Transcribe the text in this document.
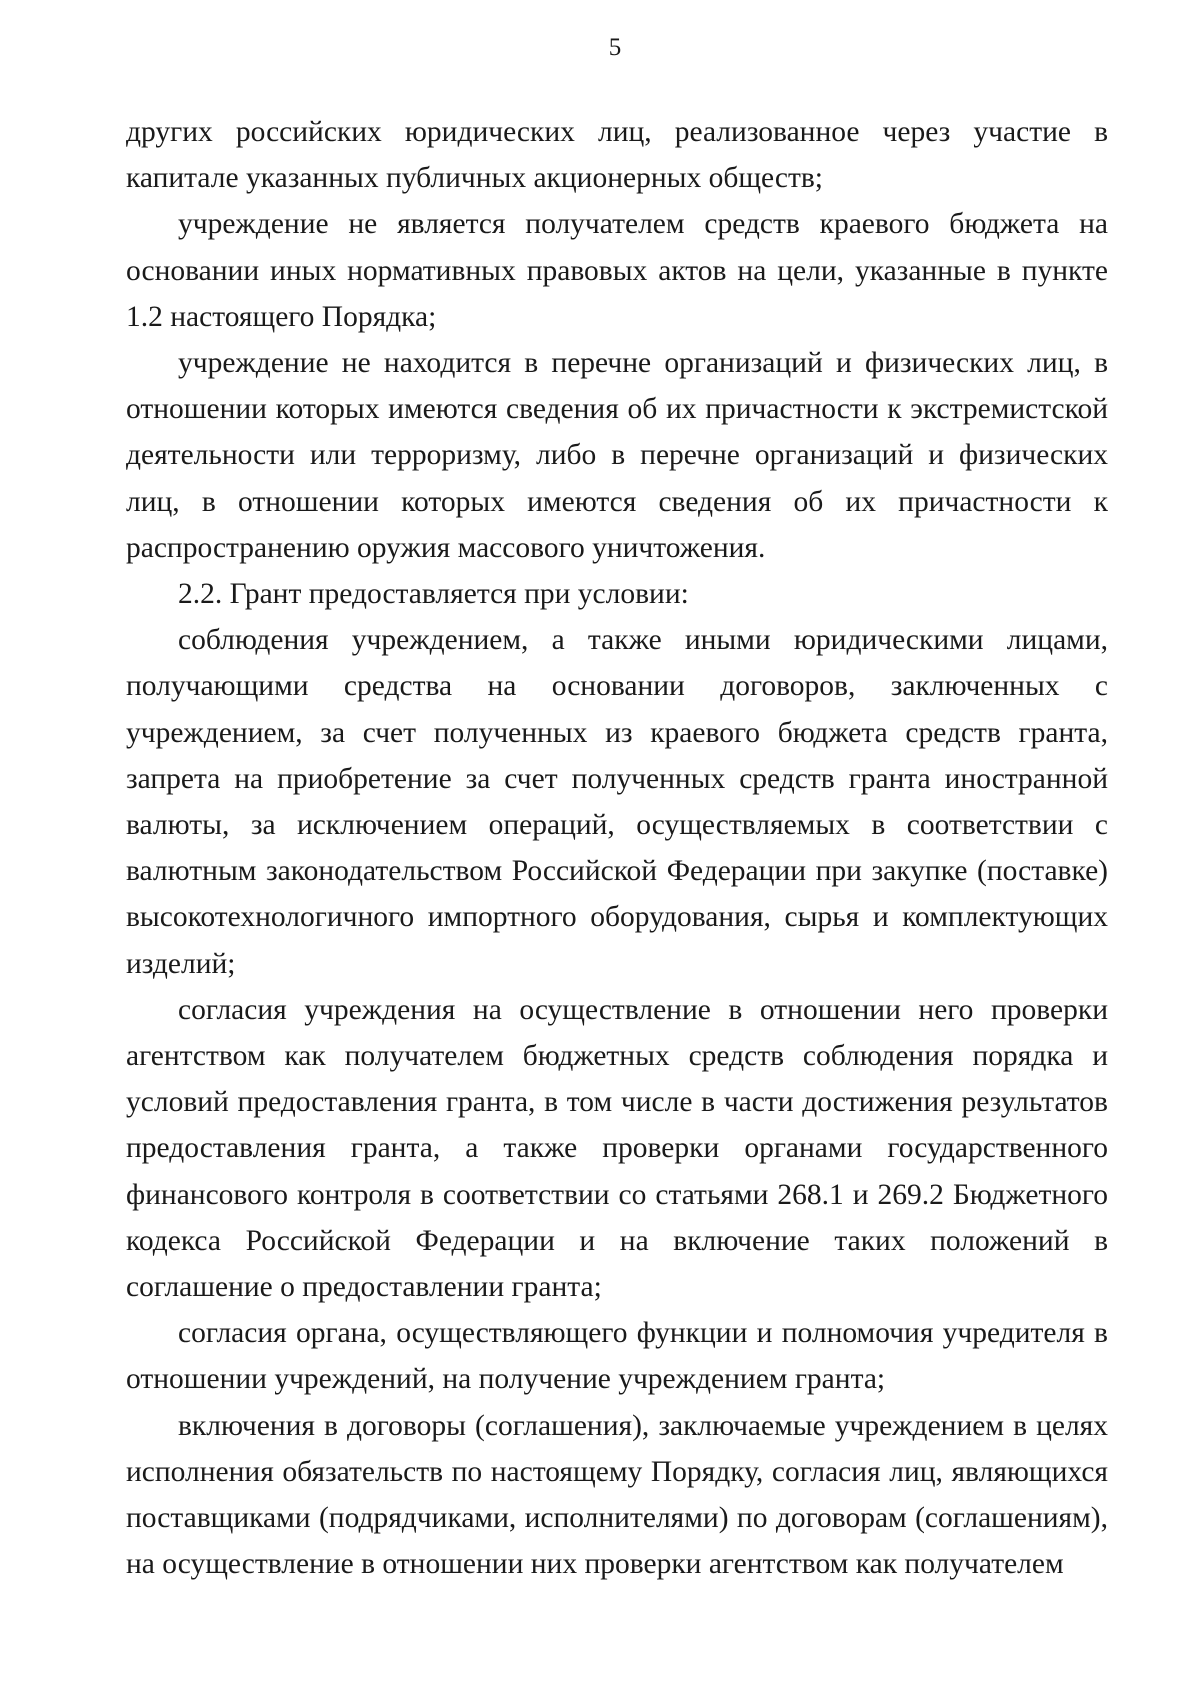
5

других российских юридических лиц, реализованное через участие в капитале указанных публичных акционерных обществ;

учреждение не является получателем средств краевого бюджета на основании иных нормативных правовых актов на цели, указанные в пункте 1.2 настоящего Порядка;

учреждение не находится в перечне организаций и физических лиц, в отношении которых имеются сведения об их причастности к экстремистской деятельности или терроризму, либо в перечне организаций и физических лиц, в отношении которых имеются сведения об их причастности к распространению оружия массового уничтожения.

2.2. Грант предоставляется при условии:

соблюдения учреждением, а также иными юридическими лицами, получающими средства на основании договоров, заключенных с учреждением, за счет полученных из краевого бюджета средств гранта, запрета на приобретение за счет полученных средств гранта иностранной валюты, за исключением операций, осуществляемых в соответствии с валютным законодательством Российской Федерации при закупке (поставке) высокотехнологичного импортного оборудования, сырья и комплектующих изделий;

согласия учреждения на осуществление в отношении него проверки агентством как получателем бюджетных средств соблюдения порядка и условий предоставления гранта, в том числе в части достижения результатов предоставления гранта, а также проверки органами государственного финансового контроля в соответствии со статьями 268.1 и 269.2 Бюджетного кодекса Российской Федерации и на включение таких положений в соглашение о предоставлении гранта;

согласия органа, осуществляющего функции и полномочия учредителя в отношении учреждений, на получение учреждением гранта;

включения в договоры (соглашения), заключаемые учреждением в целях исполнения обязательств по настоящему Порядку, согласия лиц, являющихся поставщиками (подрядчиками, исполнителями) по договорам (соглашениям), на осуществление в отношении них проверки агентством как получателем
